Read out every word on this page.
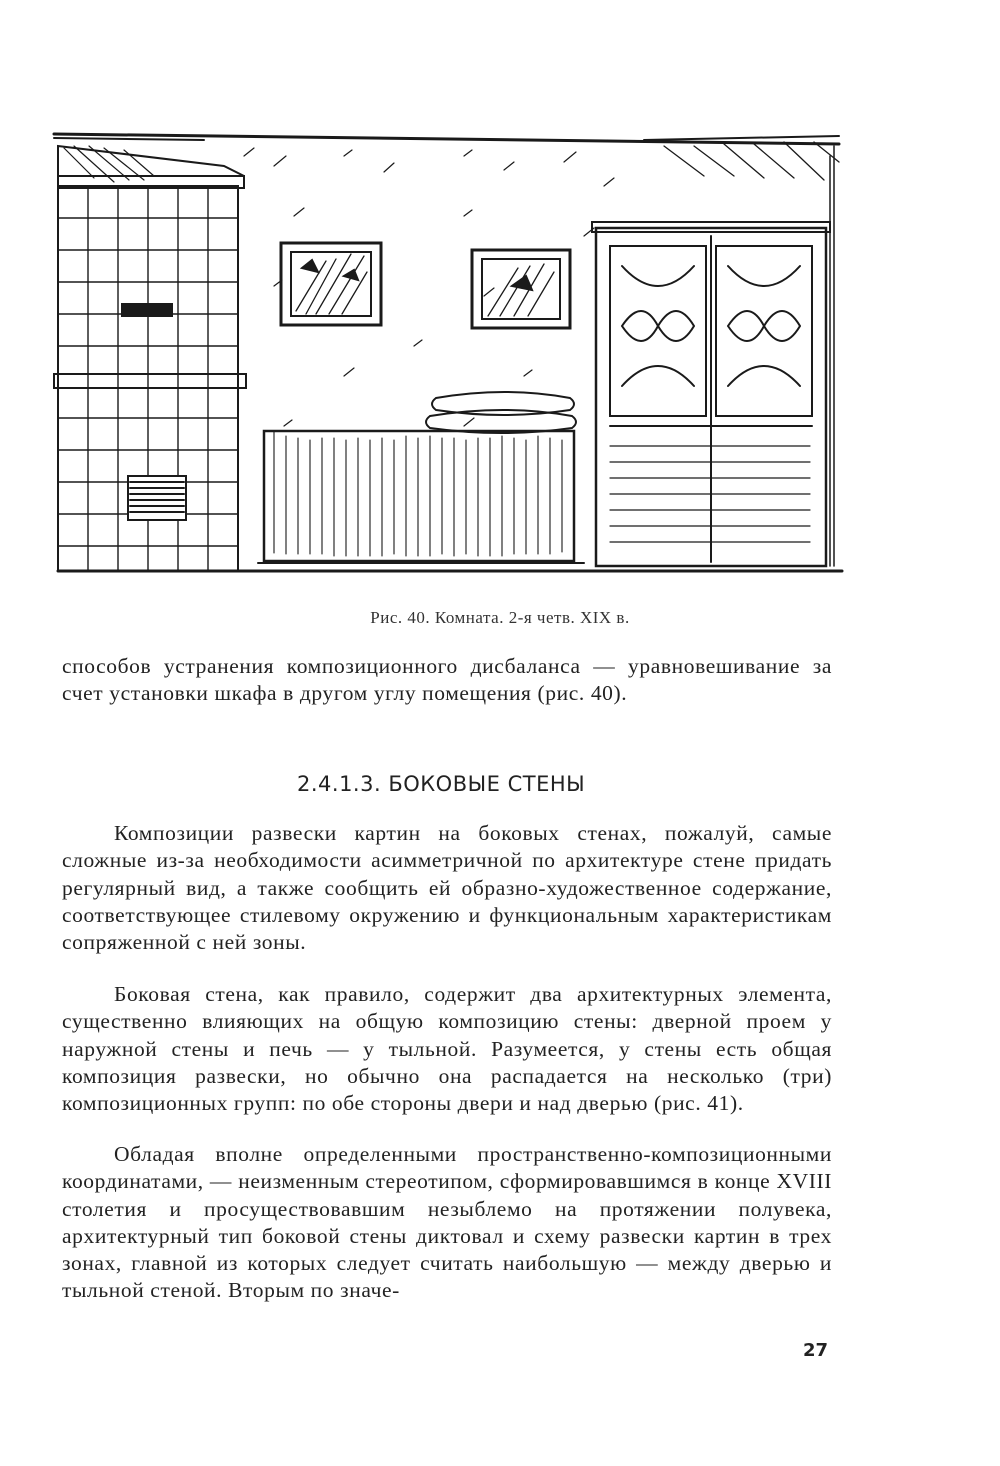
Рис. 40. Комната. 2-я четв. XIX в.

способов устранения композиционного дисбаланса — уравновешивание за счет установки шкафа в другом углу помещения (рис. 40).

2.4.1.3. БОКОВЫЕ СТЕНЫ

Композиции развески картин на боковых стенах, пожалуй, самые сложные из-за необходимости асимметричной по архитектуре стене придать регулярный вид, а также сообщить ей образно-художественное содержание, соответствующее стилевому окружению и функциональным характеристикам сопряженной с ней зоны.

Боковая стена, как правило, содержит два архитектурных элемента, существенно влияющих на общую композицию стены: дверной проем у наружной стены и печь — у тыльной. Разумеется, у стены есть общая композиция развески, но обычно она распадается на несколько (три) композиционных групп: по обе стороны двери и над дверью (рис. 41).

Обладая вполне определенными пространственно-композиционными координатами, — неизменным стереотипом, сформировавшимся в конце XVIII столетия и просуществовавшим незыблемо на протяжении полувека, архитектурный тип боковой стены диктовал и схему развески картин в трех зонах, главной из которых следует считать наибольшую — между дверью и тыльной стеной. Вторым по значе-

27
